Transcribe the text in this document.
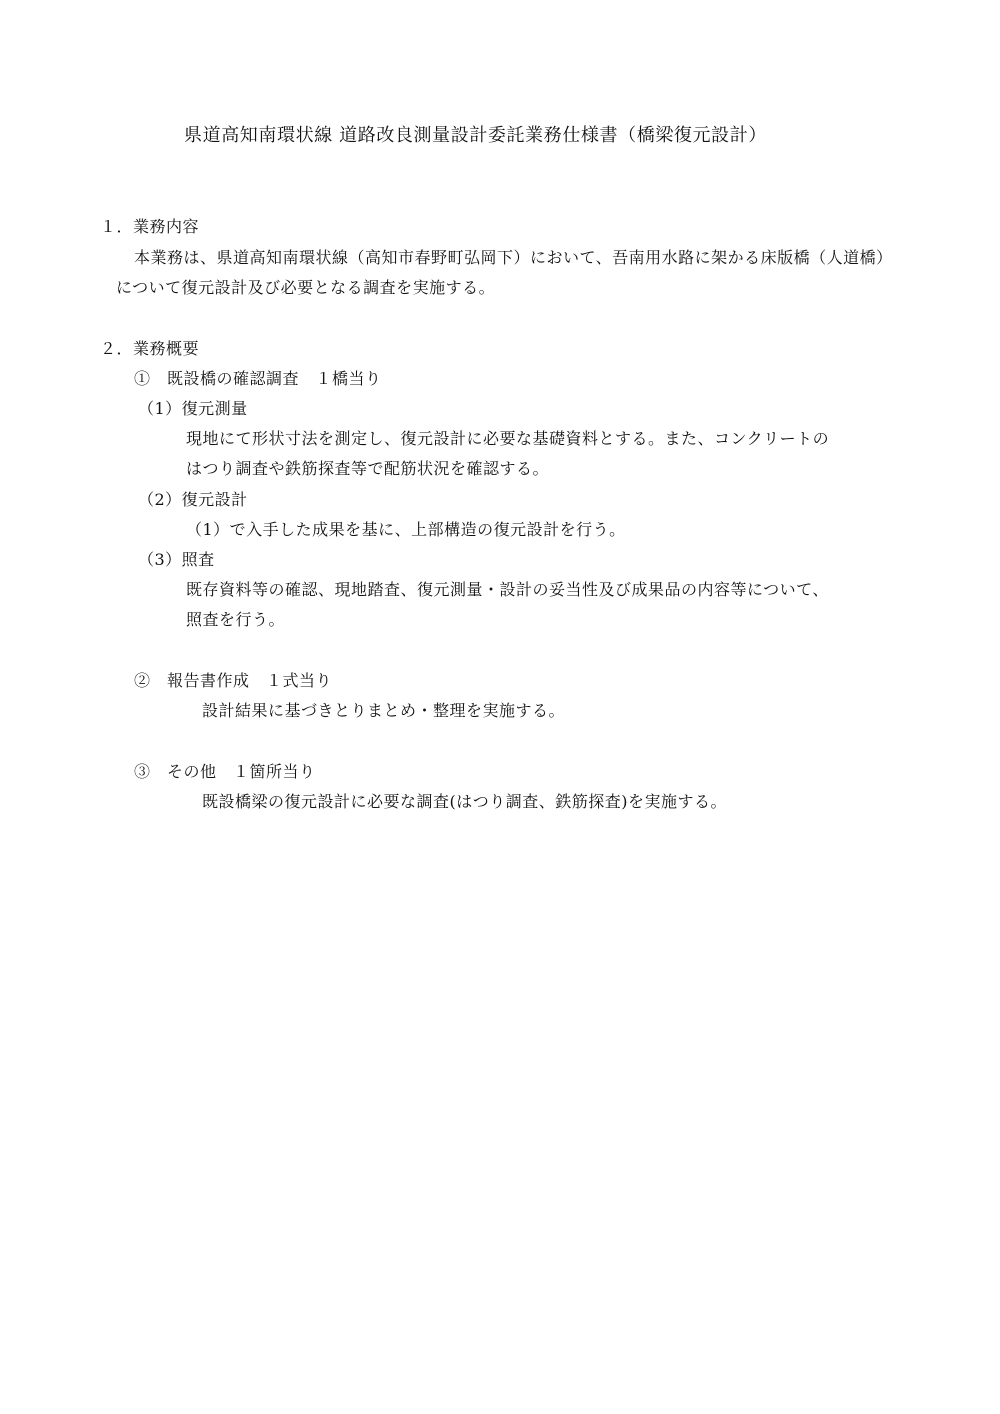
県道高知南環状線 道路改良測量設計委託業務仕様書（橋梁復元設計）
１．業務内容
本業務は、県道高知南環状線（高知市春野町弘岡下）において、吾南用水路に架かる床版橋（人道橋）
について復元設計及び必要となる調査を実施する。
２．業務概要
①　既設橋の確認調査　１橋当り
（1）復元測量
現地にて形状寸法を測定し、復元設計に必要な基礎資料とする。また、コンクリートの
はつり調査や鉄筋探査等で配筋状況を確認する。
（2）復元設計
（1）で入手した成果を基に、上部構造の復元設計を行う。
（3）照査
既存資料等の確認、現地踏査、復元測量・設計の妥当性及び成果品の内容等について、
照査を行う。
②　報告書作成　１式当り
設計結果に基づきとりまとめ・整理を実施する。
③　その他　１箇所当り
既設橋梁の復元設計に必要な調査(はつり調査、鉄筋探査)を実施する。
